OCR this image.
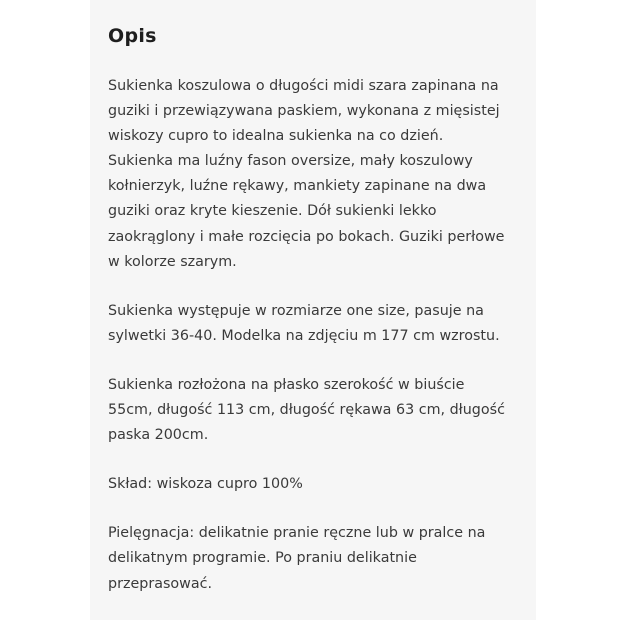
Opis

Sukienka koszulowa o długości midi szara zapinana na
guziki i przewiązywana paskiem, wykonana z mięsistej
wiskozy cupro to idealna sukienka na co dzień.
Sukienka ma luźny fason oversize, mały koszulowy
kołnierzyk, luźne rękawy, mankiety zapinane na dwa
guziki oraz kryte kieszenie. Dół sukienki lekko
zaokrąglony i małe rozcięcia po bokach. Guziki perłowe
w kolorze szarym.

Sukienka występuje w rozmiarze one size, pasuje na
sylwetki 36-40. Modelka na zdjęciu m 177 cm wzrostu.

Sukienka rozłożona na płasko szerokość w biuście
55cm, długość 113 cm, długość rękawa 63 cm, długość
paska 200cm.

Skład: wiskoza cupro 100%

Pielęgnacja: delikatnie pranie ręczne lub w pralce na
delikatnym programie. Po praniu delikatnie
przeprasować.
